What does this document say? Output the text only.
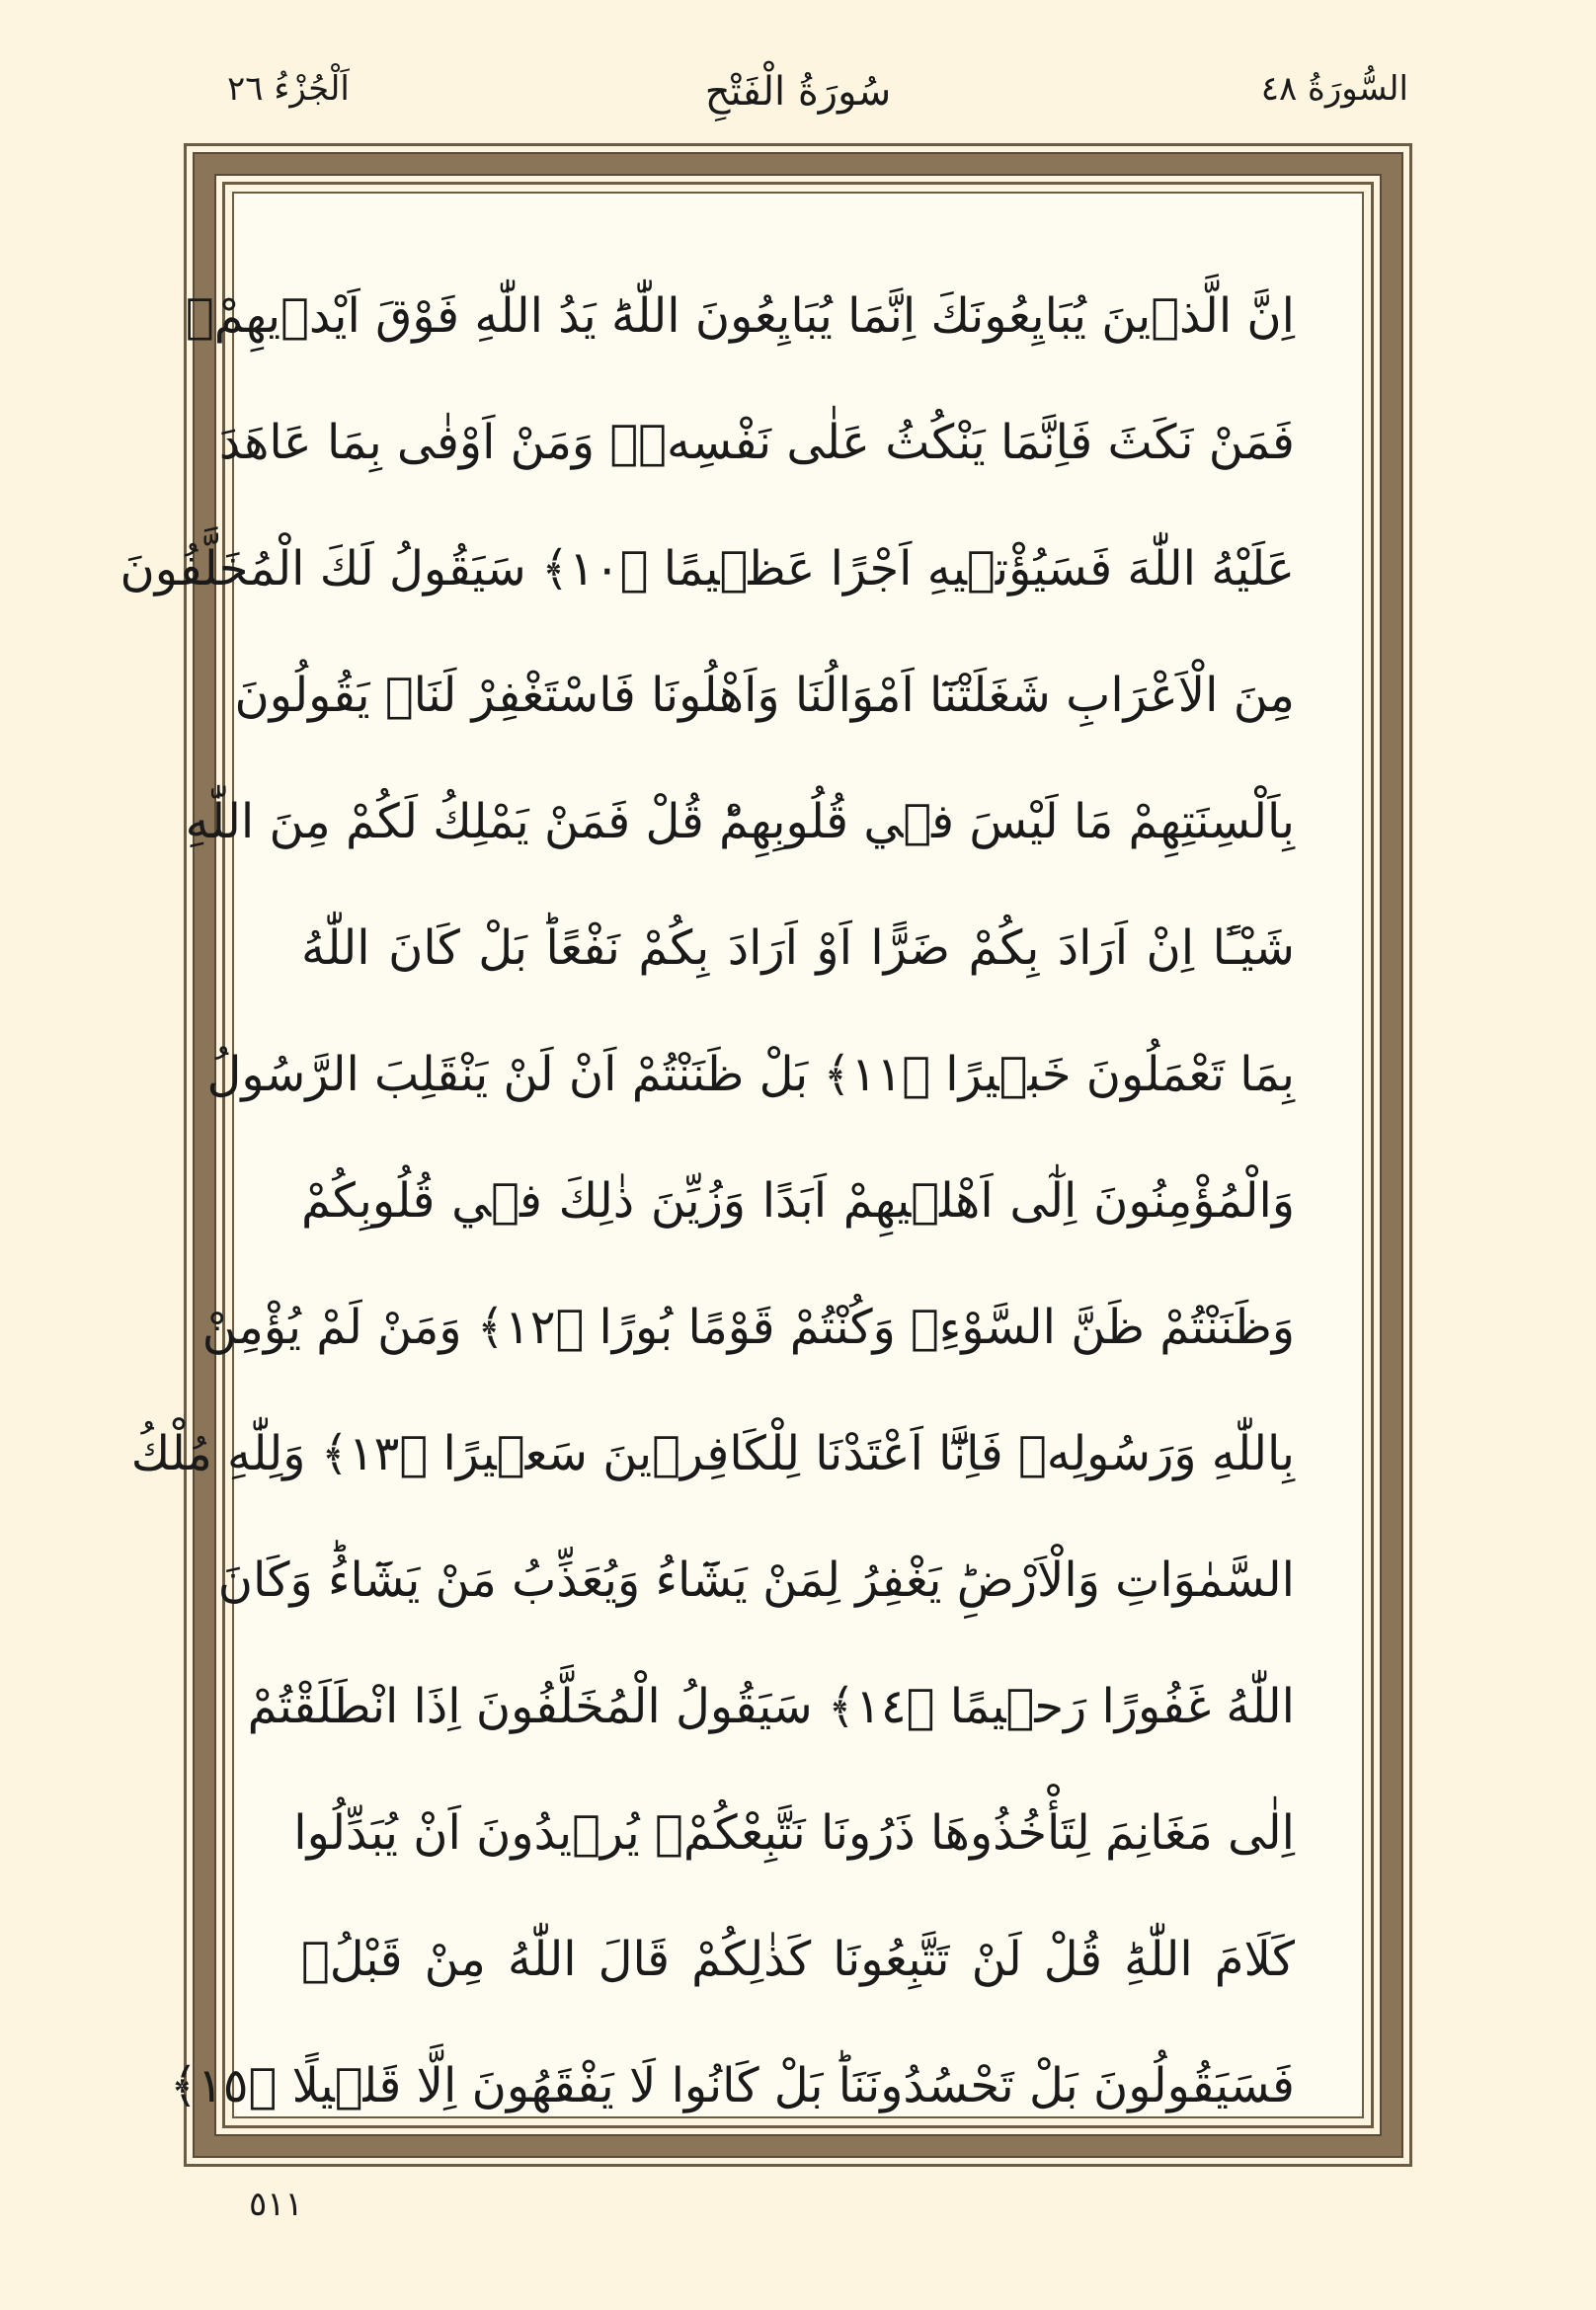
السُّورَةُ ٤٨
سُورَةُ الْفَتْحِ
اَلْجُزْءُ ٢٦
اِنَّ الَّذ۪ينَ يُبَايِعُونَكَ اِنَّمَا يُبَايِعُونَ اللّٰهَؕ يَدُ اللّٰهِ فَوْقَ اَيْد۪يهِمْۚ
فَمَنْ نَكَثَ فَاِنَّمَا يَنْكُثُ عَلٰى نَفْسِه۪ۚ وَمَنْ اَوْفٰى بِمَا عَاهَدَ
عَلَيْهُ اللّٰهَ فَسَيُؤْت۪يهِ اَجْرًا عَظ۪يمًا ﴿١٠﴾ سَيَقُولُ لَكَ الْمُخَلَّفُونَ
مِنَ الْاَعْرَابِ شَغَلَتْنَٓا اَمْوَالُنَا وَاَهْلُونَا فَاسْتَغْفِرْ لَنَاۚ يَقُولُونَ
بِاَلْسِنَتِهِمْ مَا لَيْسَ ف۪ي قُلُوبِهِمْؕ قُلْ فَمَنْ يَمْلِكُ لَكُمْ مِنَ اللّٰهِ
شَيْـًٔا اِنْ اَرَادَ بِكُمْ ضَرًّا اَوْ اَرَادَ بِكُمْ نَفْعًاؕ بَلْ كَانَ اللّٰهُ
بِمَا تَعْمَلُونَ خَب۪يرًا ﴿١١﴾ بَلْ ظَنَنْتُمْ اَنْ لَنْ يَنْقَلِبَ الرَّسُولُ
وَالْمُؤْمِنُونَ اِلٰٓى اَهْل۪يهِمْ اَبَدًا وَزُيِّنَ ذٰلِكَ ف۪ي قُلُوبِكُمْ
وَظَنَنْتُمْ ظَنَّ السَّوْءِۚ وَكُنْتُمْ قَوْمًا بُورًا ﴿١٢﴾ وَمَنْ لَمْ يُؤْمِنْ
بِاللّٰهِ وَرَسُولِه۪ فَاِنَّٓا اَعْتَدْنَا لِلْكَافِر۪ينَ سَع۪يرًا ﴿١٣﴾ وَلِلّٰهِ مُلْكُ
السَّمٰوَاتِ وَالْاَرْضِؕ يَغْفِرُ لِمَنْ يَشَٓاءُ وَيُعَذِّبُ مَنْ يَشَٓاءُؕ وَكَانَ
اللّٰهُ غَفُورًا رَح۪يمًا ﴿١٤﴾ سَيَقُولُ الْمُخَلَّفُونَ اِذَا انْطَلَقْتُمْ
اِلٰى مَغَانِمَ لِتَأْخُذُوهَا ذَرُونَا نَتَّبِعْكُمْۚ يُر۪يدُونَ اَنْ يُبَدِّلُوا
كَلَامَ اللّٰهِؕ قُلْ لَنْ تَتَّبِعُونَا كَذٰلِكُمْ قَالَ اللّٰهُ مِنْ قَبْلُۚ
فَسَيَقُولُونَ بَلْ تَحْسُدُونَنَاؕ بَلْ كَانُوا لَا يَفْقَهُونَ اِلَّا قَل۪يلًا ﴿١٥﴾
٥١١
